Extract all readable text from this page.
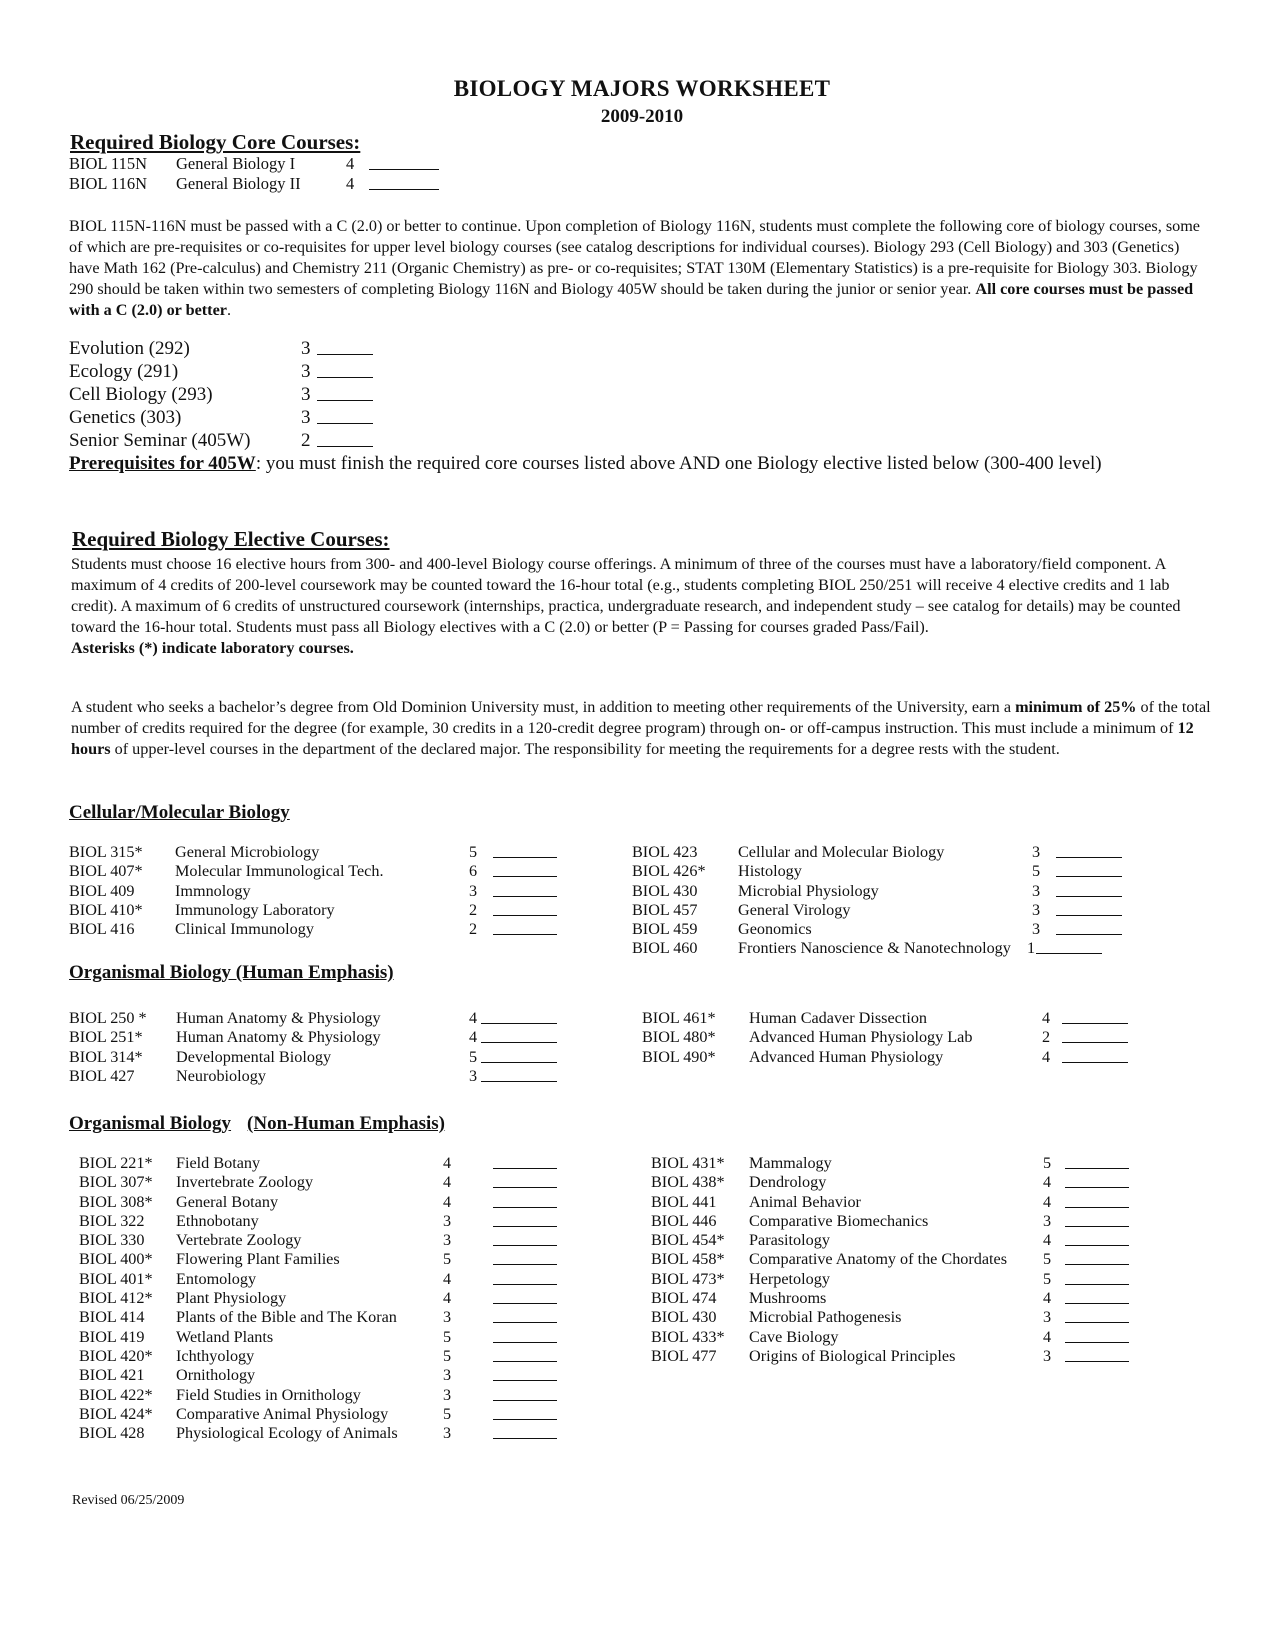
BIOLOGY MAJORS WORKSHEET
2009-2010
Required Biology Core Courses:
BIOL 115N General Biology I	4
BIOL 116N General Biology II	4
BIOL 115N-116N must be passed with a C (2.0) or better to continue. Upon completion of Biology 116N, students must complete the following core of biology courses, some of which are pre-requisites or co-requisites for upper level biology courses (see catalog descriptions for individual courses). Biology 293 (Cell Biology) and 303 (Genetics) have Math 162 (Pre-calculus) and Chemistry 211 (Organic Chemistry) as pre- or co-requisites; STAT 130M (Elementary Statistics) is a pre-requisite for Biology 303. Biology 290 should be taken within two semesters of completing Biology 116N and Biology 405W should be taken during the junior or senior year. All core courses must be passed with a C (2.0) or better.
Evolution (292)	3
Ecology (291)	3
Cell Biology (293)	3
Genetics (303)	3
Senior Seminar (405W)	2
Prerequisites for 405W: you must finish the required core courses listed above AND one Biology elective listed below (300-400 level)
Required Biology Elective Courses:
Students must choose 16 elective hours from 300- and 400-level Biology course offerings. A minimum of three of the courses must have a laboratory/field component. A maximum of 4 credits of 200-level coursework may be counted toward the 16-hour total (e.g., students completing BIOL 250/251 will receive 4 elective credits and 1 lab credit). A maximum of 6 credits of unstructured coursework (internships, practica, undergraduate research, and independent study – see catalog for details) may be counted toward the 16-hour total. Students must pass all Biology electives with a C (2.0) or better (P = Passing for courses graded Pass/Fail).
Asterisks (*) indicate laboratory courses.
A student who seeks a bachelor’s degree from Old Dominion University must, in addition to meeting other requirements of the University, earn a minimum of 25% of the total number of credits required for the degree (for example, 30 credits in a 120-credit degree program) through on- or off-campus instruction. This must include a minimum of 12 hours of upper-level courses in the department of the declared major. The responsibility for meeting the requirements for a degree rests with the student.
Cellular/Molecular Biology
BIOL 315* General Microbiology	5
BIOL 407* Molecular Immunological Tech.	6
BIOL 409	Immnology	3
BIOL 410* Immunology Laboratory	2
BIOL 416	Clinical Immunology	2
BIOL 423	Cellular and Molecular Biology	3
BIOL 426* Histology	5
BIOL 430	Microbial Physiology	3
BIOL 457	General Virology	3
BIOL 459	Geonomics	3
BIOL 460	Frontiers Nanoscience & Nanotechnology 1
Organismal Biology (Human Emphasis)
BIOL 250 * Human Anatomy & Physiology	4
BIOL 251* Human Anatomy & Physiology	4
BIOL 314* Developmental Biology	5
BIOL 427	Neurobiology	3
BIOL 461* Human Cadaver Dissection	4
BIOL 480* Advanced Human Physiology Lab	2
BIOL 490* Advanced Human Physiology	4
Organismal Biology (Non-Human Emphasis)
BIOL 221* Field Botany	4
BIOL 307* Invertebrate Zoology	4
BIOL 308* General Botany	4
BIOL 322 Ethnobotany	3
BIOL 330 Vertebrate Zoology	3
BIOL 400* Flowering Plant Families	5
BIOL 401* Entomology	4
BIOL 412* Plant Physiology	4
BIOL 414 Plants of the Bible and The Koran	3
BIOL 419 Wetland Plants	5
BIOL 420* Ichthyology	5
BIOL 421 Ornithology	3
BIOL 422* Field Studies in Ornithology	3
BIOL 424* Comparative Animal Physiology	5
BIOL 428 Physiological Ecology of Animals	3
BIOL 431* Mammalogy	5
BIOL 438* Dendrology	4
BIOL 441 Animal Behavior	4
BIOL 446 Comparative Biomechanics	3
BIOL 454* Parasitology	4
BIOL 458* Comparative Anatomy of the Chordates 5
BIOL 473* Herpetology	5
BIOL 474 Mushrooms	4
BIOL 430 Microbial Pathogenesis	3
BIOL 433* Cave Biology	4
BIOL 477 Origins of Biological Principles	3
Revised 06/25/2009
